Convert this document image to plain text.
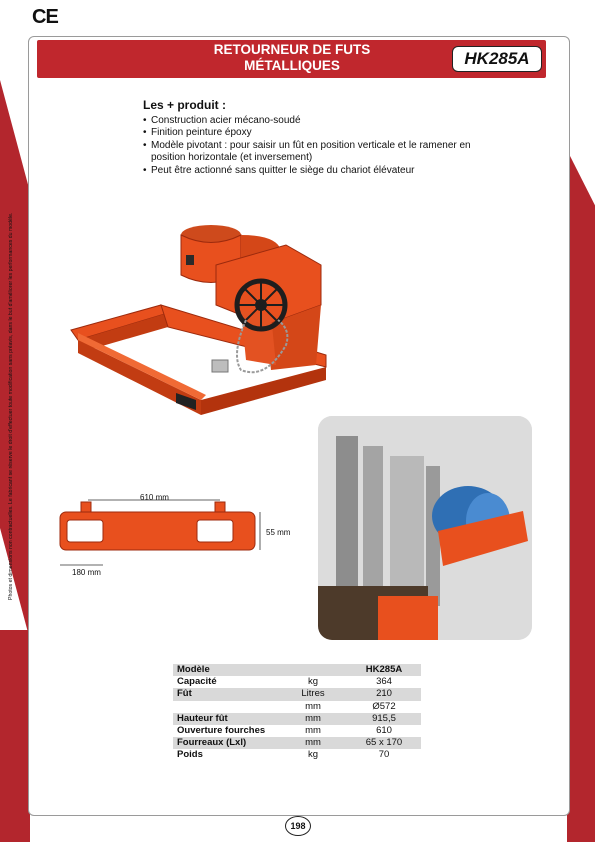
CE
Photos et dimensions non contractuelles. Le fabricant se réserve le droit d'effectuer toute modification sans préavis, dans le but d'améliorer les performances du modèle.
RETOURNEUR DE FUTS
MÉTALLIQUES	HK285A
Les + produit :
• Construction acier mécano-soudé
• Finition peinture époxy
• Modèle pivotant : pour saisir un fût en position verticale et le ramener en position horizontale (et inversement)
• Peut être actionné sans quitter le siège du chariot élévateur
610 mm
55 mm
180 mm
Modèle		HK285A
Capacité	kg	364
Fût	Litres	210
	mm	Ø572
Hauteur fût	mm	915,5
Ouverture fourches	mm	610
Fourreaux (Lxl)	mm	65 x 170
Poids	kg	70
198
